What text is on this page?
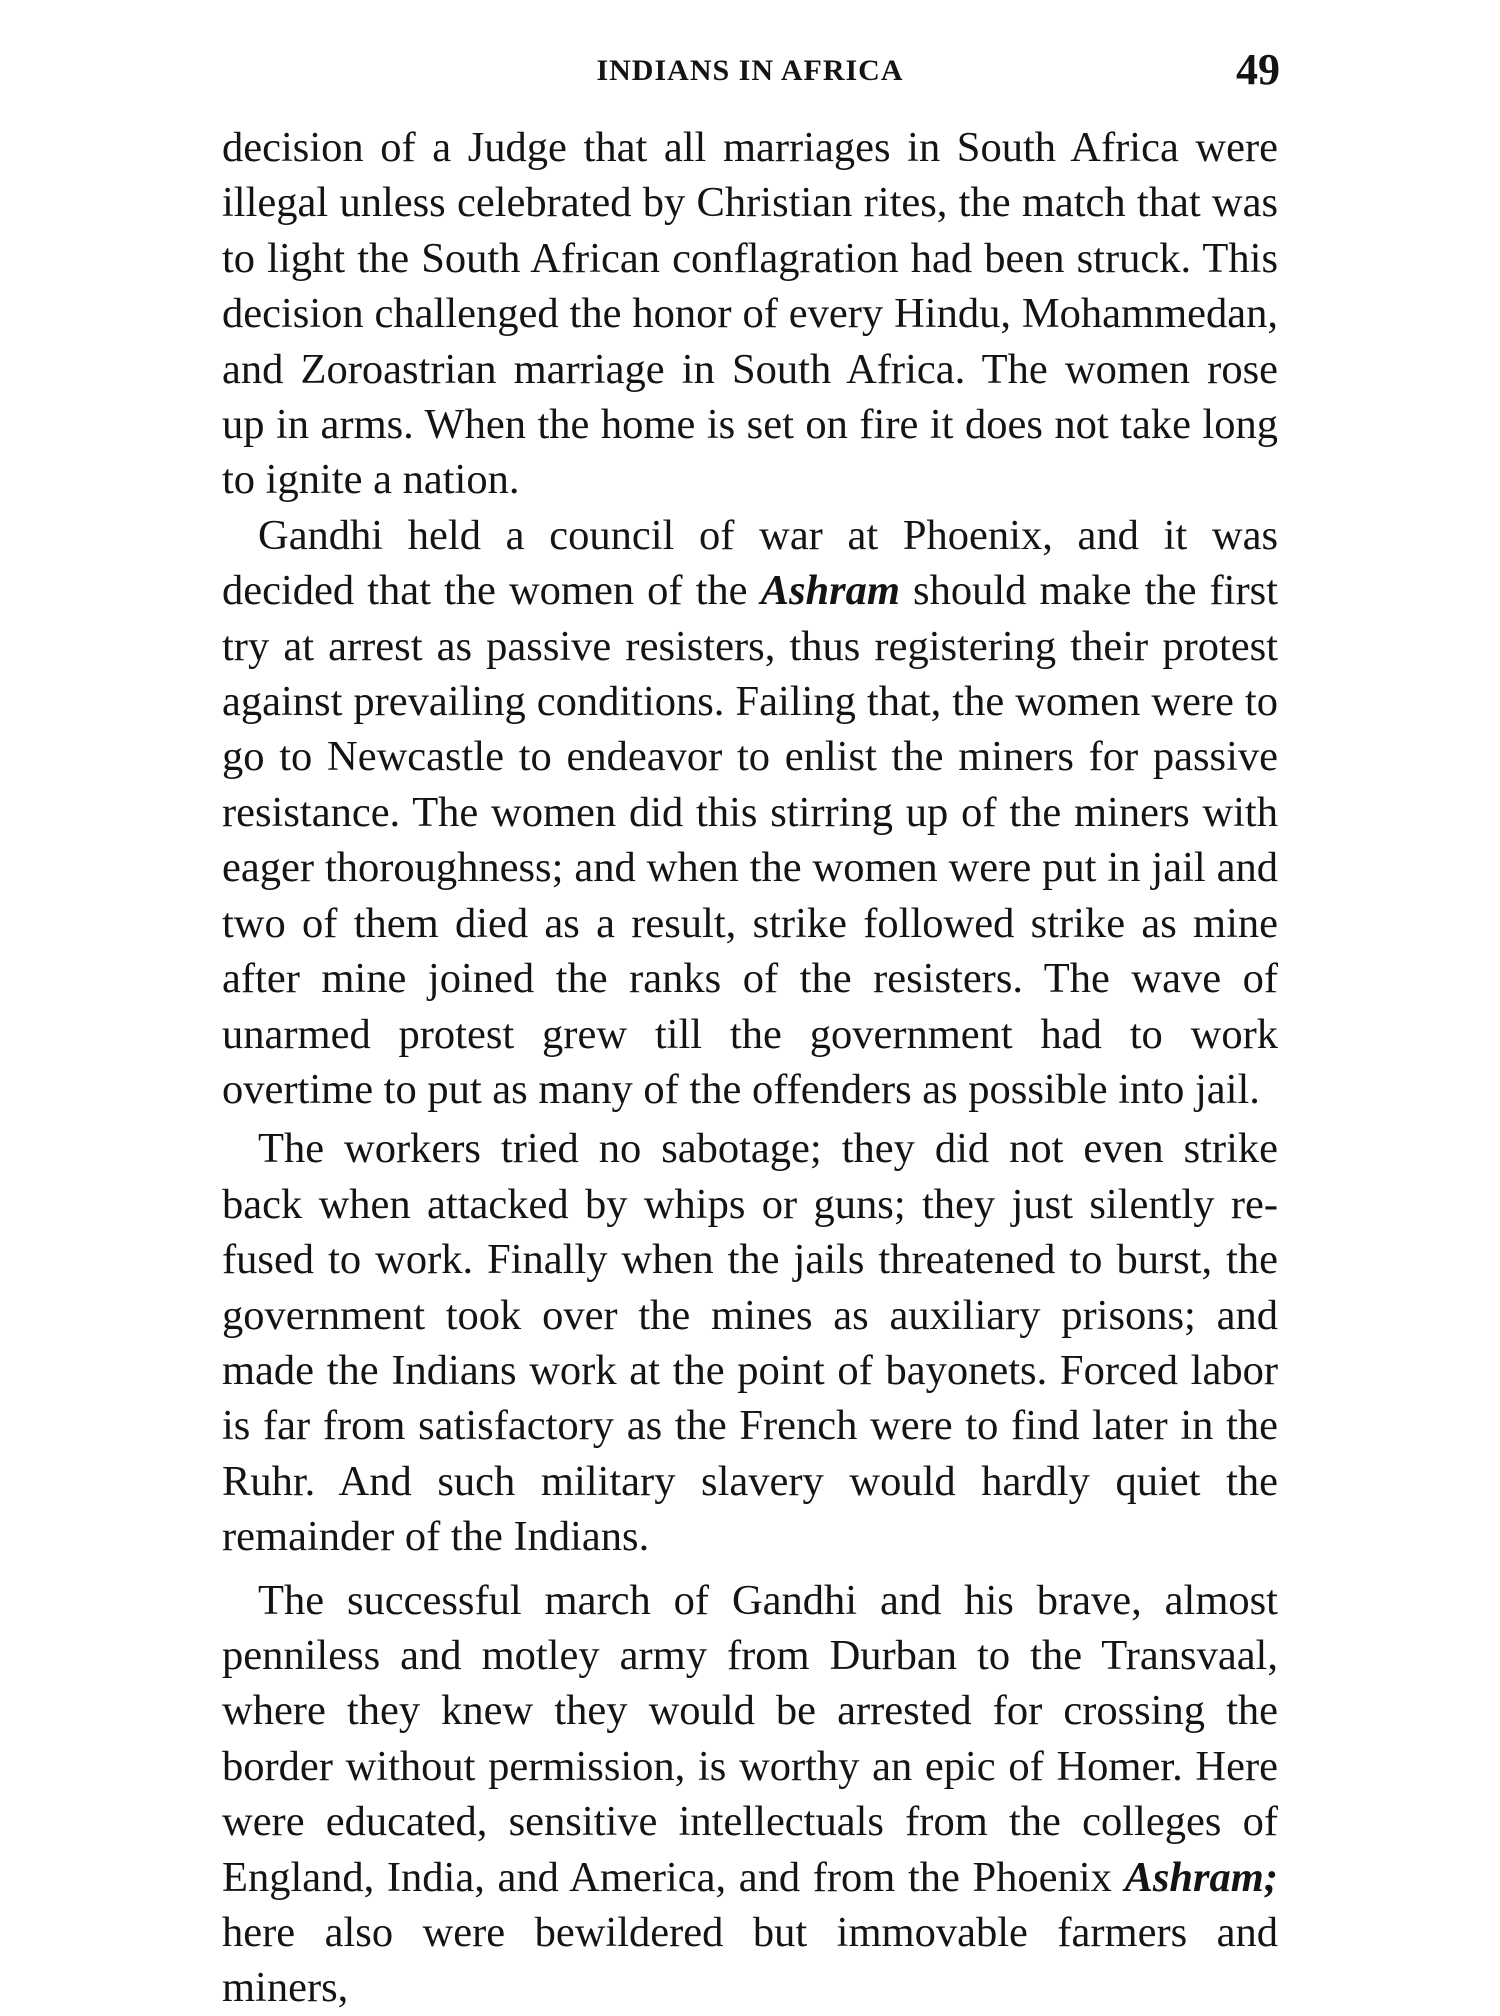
INDIANS IN AFRICA	49

decision of a Judge that all marriages in South Africa were illegal unless celebrated by Christian rites, the match that was to light the South African conflagration had been struck. This decision challenged the honor of every Hindu, Mohammedan, and Zoroastrian marriage in South Africa. The women rose up in arms. When the home is set on fire it does not take long to ignite a nation.

Gandhi held a council of war at Phoenix, and it was decided that the women of the Ashram should make the first try at arrest as passive resisters, thus registering their protest against prevailing conditions. Failing that, the women were to go to Newcastle to endeavor to enlist the miners for passive resistance. The women did this stirring up of the miners with eager thoroughness; and when the women were put in jail and two of them died as a result, strike followed strike as mine after mine joined the ranks of the resisters. The wave of unarmed protest grew till the government had to work overtime to put as many of the offenders as possible into jail.

The workers tried no sabotage; they did not even strike back when attacked by whips or guns; they just silently refused to work. Finally when the jails threatened to burst, the government took over the mines as auxiliary prisons; and made the Indians work at the point of bayonets. Forced labor is far from satisfactory as the French were to find later in the Ruhr. And such military slavery would hardly quiet the remainder of the Indians.

The successful march of Gandhi and his brave, almost penniless and motley army from Durban to the Transvaal, where they knew they would be arrested for crossing the border without permission, is worthy an epic of Homer. Here were educated, sensitive intellectuals from the colleges of England, India, and America, and from the Phoenix Ashram; here also were bewildered but immovable farmers and miners,
